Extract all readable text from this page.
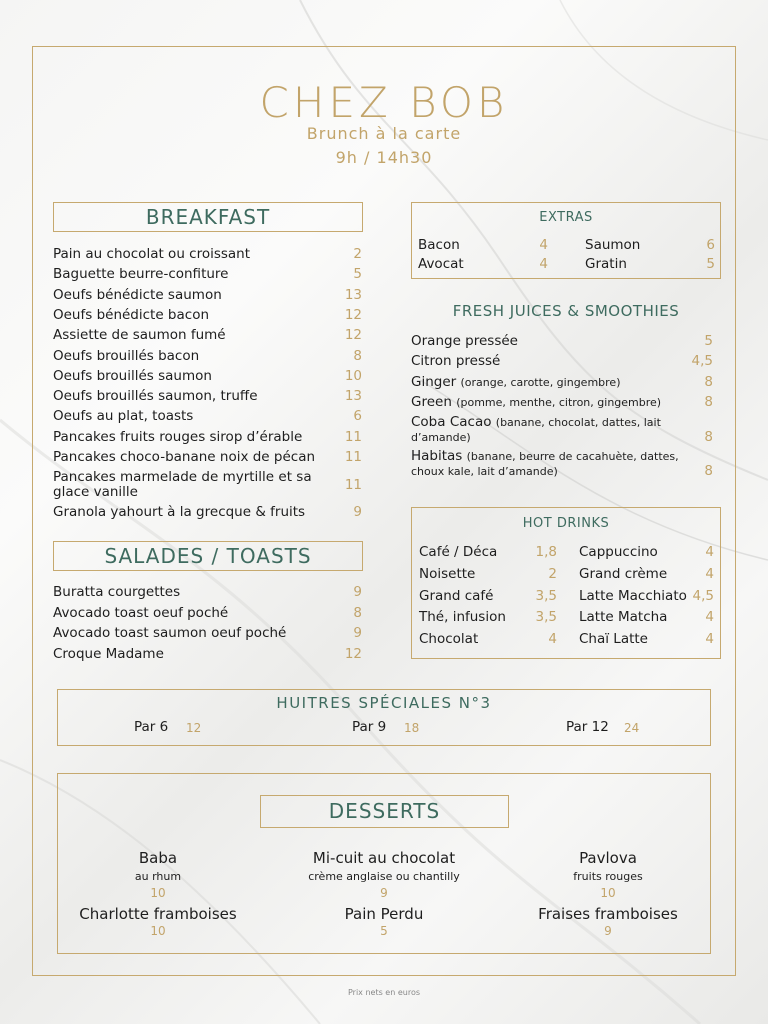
CHEZ BOB
Brunch à la carte
9h / 14h30
BREAKFAST
Pain au chocolat ou croissant	2
Baguette beurre-confiture	5
Oeufs bénédicte saumon	13
Oeufs bénédicte bacon	12
Assiette de saumon fumé	12
Oeufs brouillés bacon	8
Oeufs brouillés saumon	10
Oeufs brouillés saumon, truffe	13
Oeufs au plat, toasts	6
Pancakes fruits rouges sirop d’érable	11
Pancakes choco-banane noix de pécan	11
Pancakes marmelade de myrtille et sa
glace vanille	11
Granola yahourt à la grecque & fruits	9
SALADES / TOASTS
Buratta courgettes	9
Avocado toast oeuf poché	8
Avocado toast saumon oeuf poché	9
Croque Madame	12
EXTRAS
Bacon	4
Avocat	4
Saumon	6
Gratin	5
FRESH JUICES & SMOOTHIES
Orange pressée	5
Citron pressé	4,5
Ginger (orange, carotte, gingembre)	8
Green (pomme, menthe, citron, gingembre)	8
Coba Cacao (banane, chocolat, dattes, lait
d’amande)	8
Habitas (banane, beurre de cacahuète, dattes,
choux kale, lait d’amande)	8
HOT DRINKS
Café / Déca	1,8
Noisette	2
Grand café	3,5
Thé, infusion	3,5
Chocolat	4
Cappuccino	4
Grand crème	4
Latte Macchiato 4,5
Latte Matcha	4
Chaï Latte	4
HUITRES SPÉCIALES N°3
Par 6	12	Par 9	18	Par 12	24
DESSERTS
Baba
au rhum
10
Mi-cuit au chocolat
crème anglaise ou chantilly
9
Pavlova
fruits rouges
10
Charlotte framboises
10
Pain Perdu
5
Fraises framboises
9
Prix nets en euros
